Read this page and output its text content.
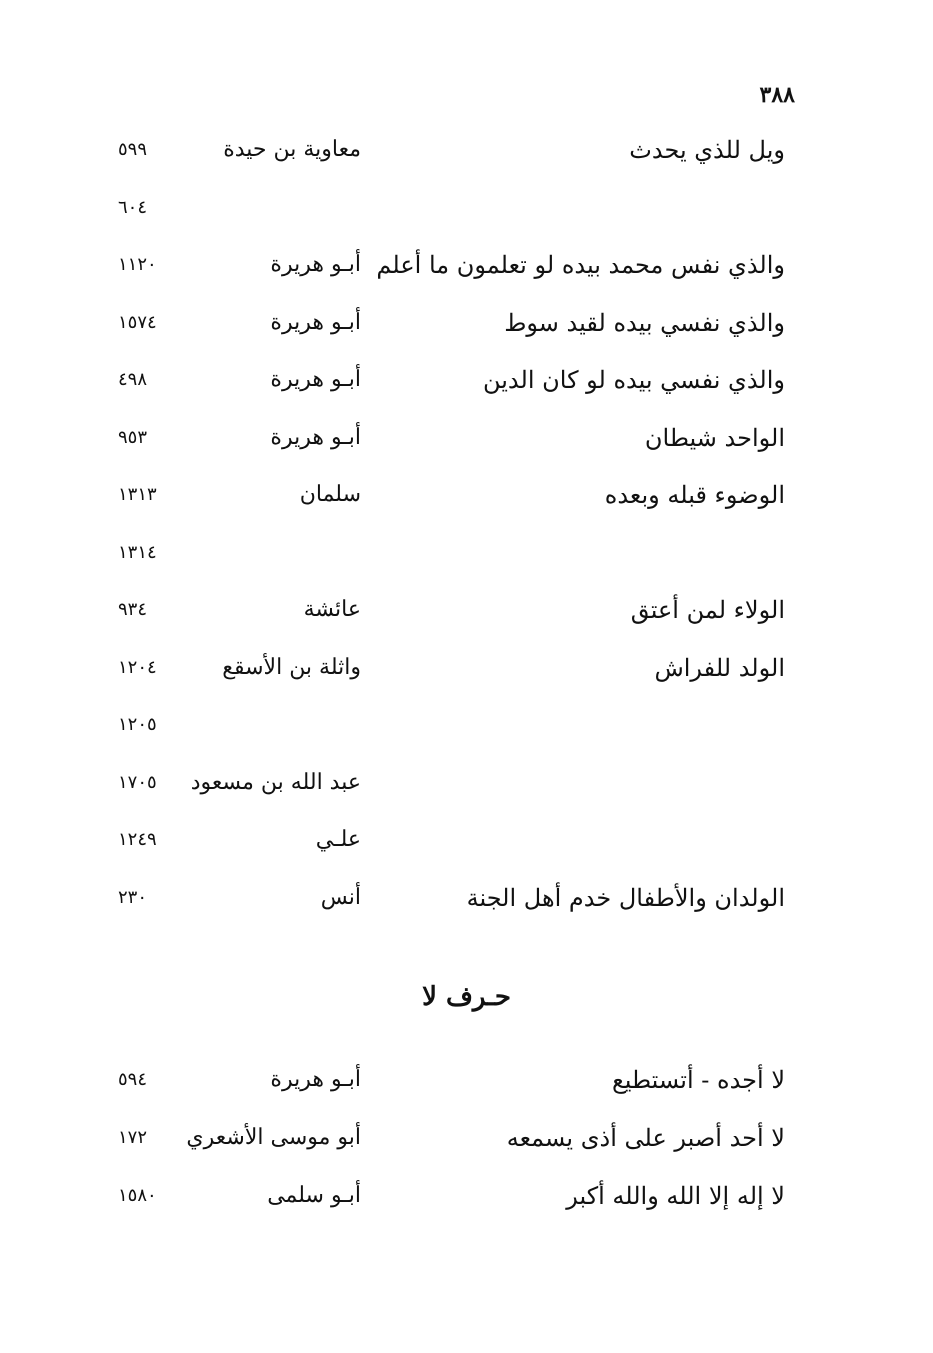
٣٨٨
ويل للذي يحدث
معاوية بن حيدة
٥٩٩
٦٠٤
والذي نفس محمد بيده لو تعلمون ما أعلم
أبـو هريرة
١١٢٠
والذي نفسي بيده لقيد سوط
أبـو هريرة
١٥٧٤
والذي نفسي بيده لو كان الدين
أبـو هريرة
٤٩٨
الواحد شيطان
أبـو هريرة
٩٥٣
الوضوء قبله وبعده
سلمان
١٣١٣
١٣١٤
الولاء لمن أعتق
عائشة
٩٣٤
الولد للفراش
واثلة بن الأسقع
١٢٠٤
١٢٠٥
عبد الله بن مسعود
١٧٠٥
علـي
١٢٤٩
الولدان والأطفال خدم أهل الجنة
أنس
٢٣٠
حـرف لا
لا أجده - أتستطيع
أبـو هريرة
٥٩٤
لا أحد أصبر على أذى يسمعه
أبو موسى الأشعري
١٧٢
لا إله إلا الله والله أكبر
أبـو سلمى
١٥٨٠
